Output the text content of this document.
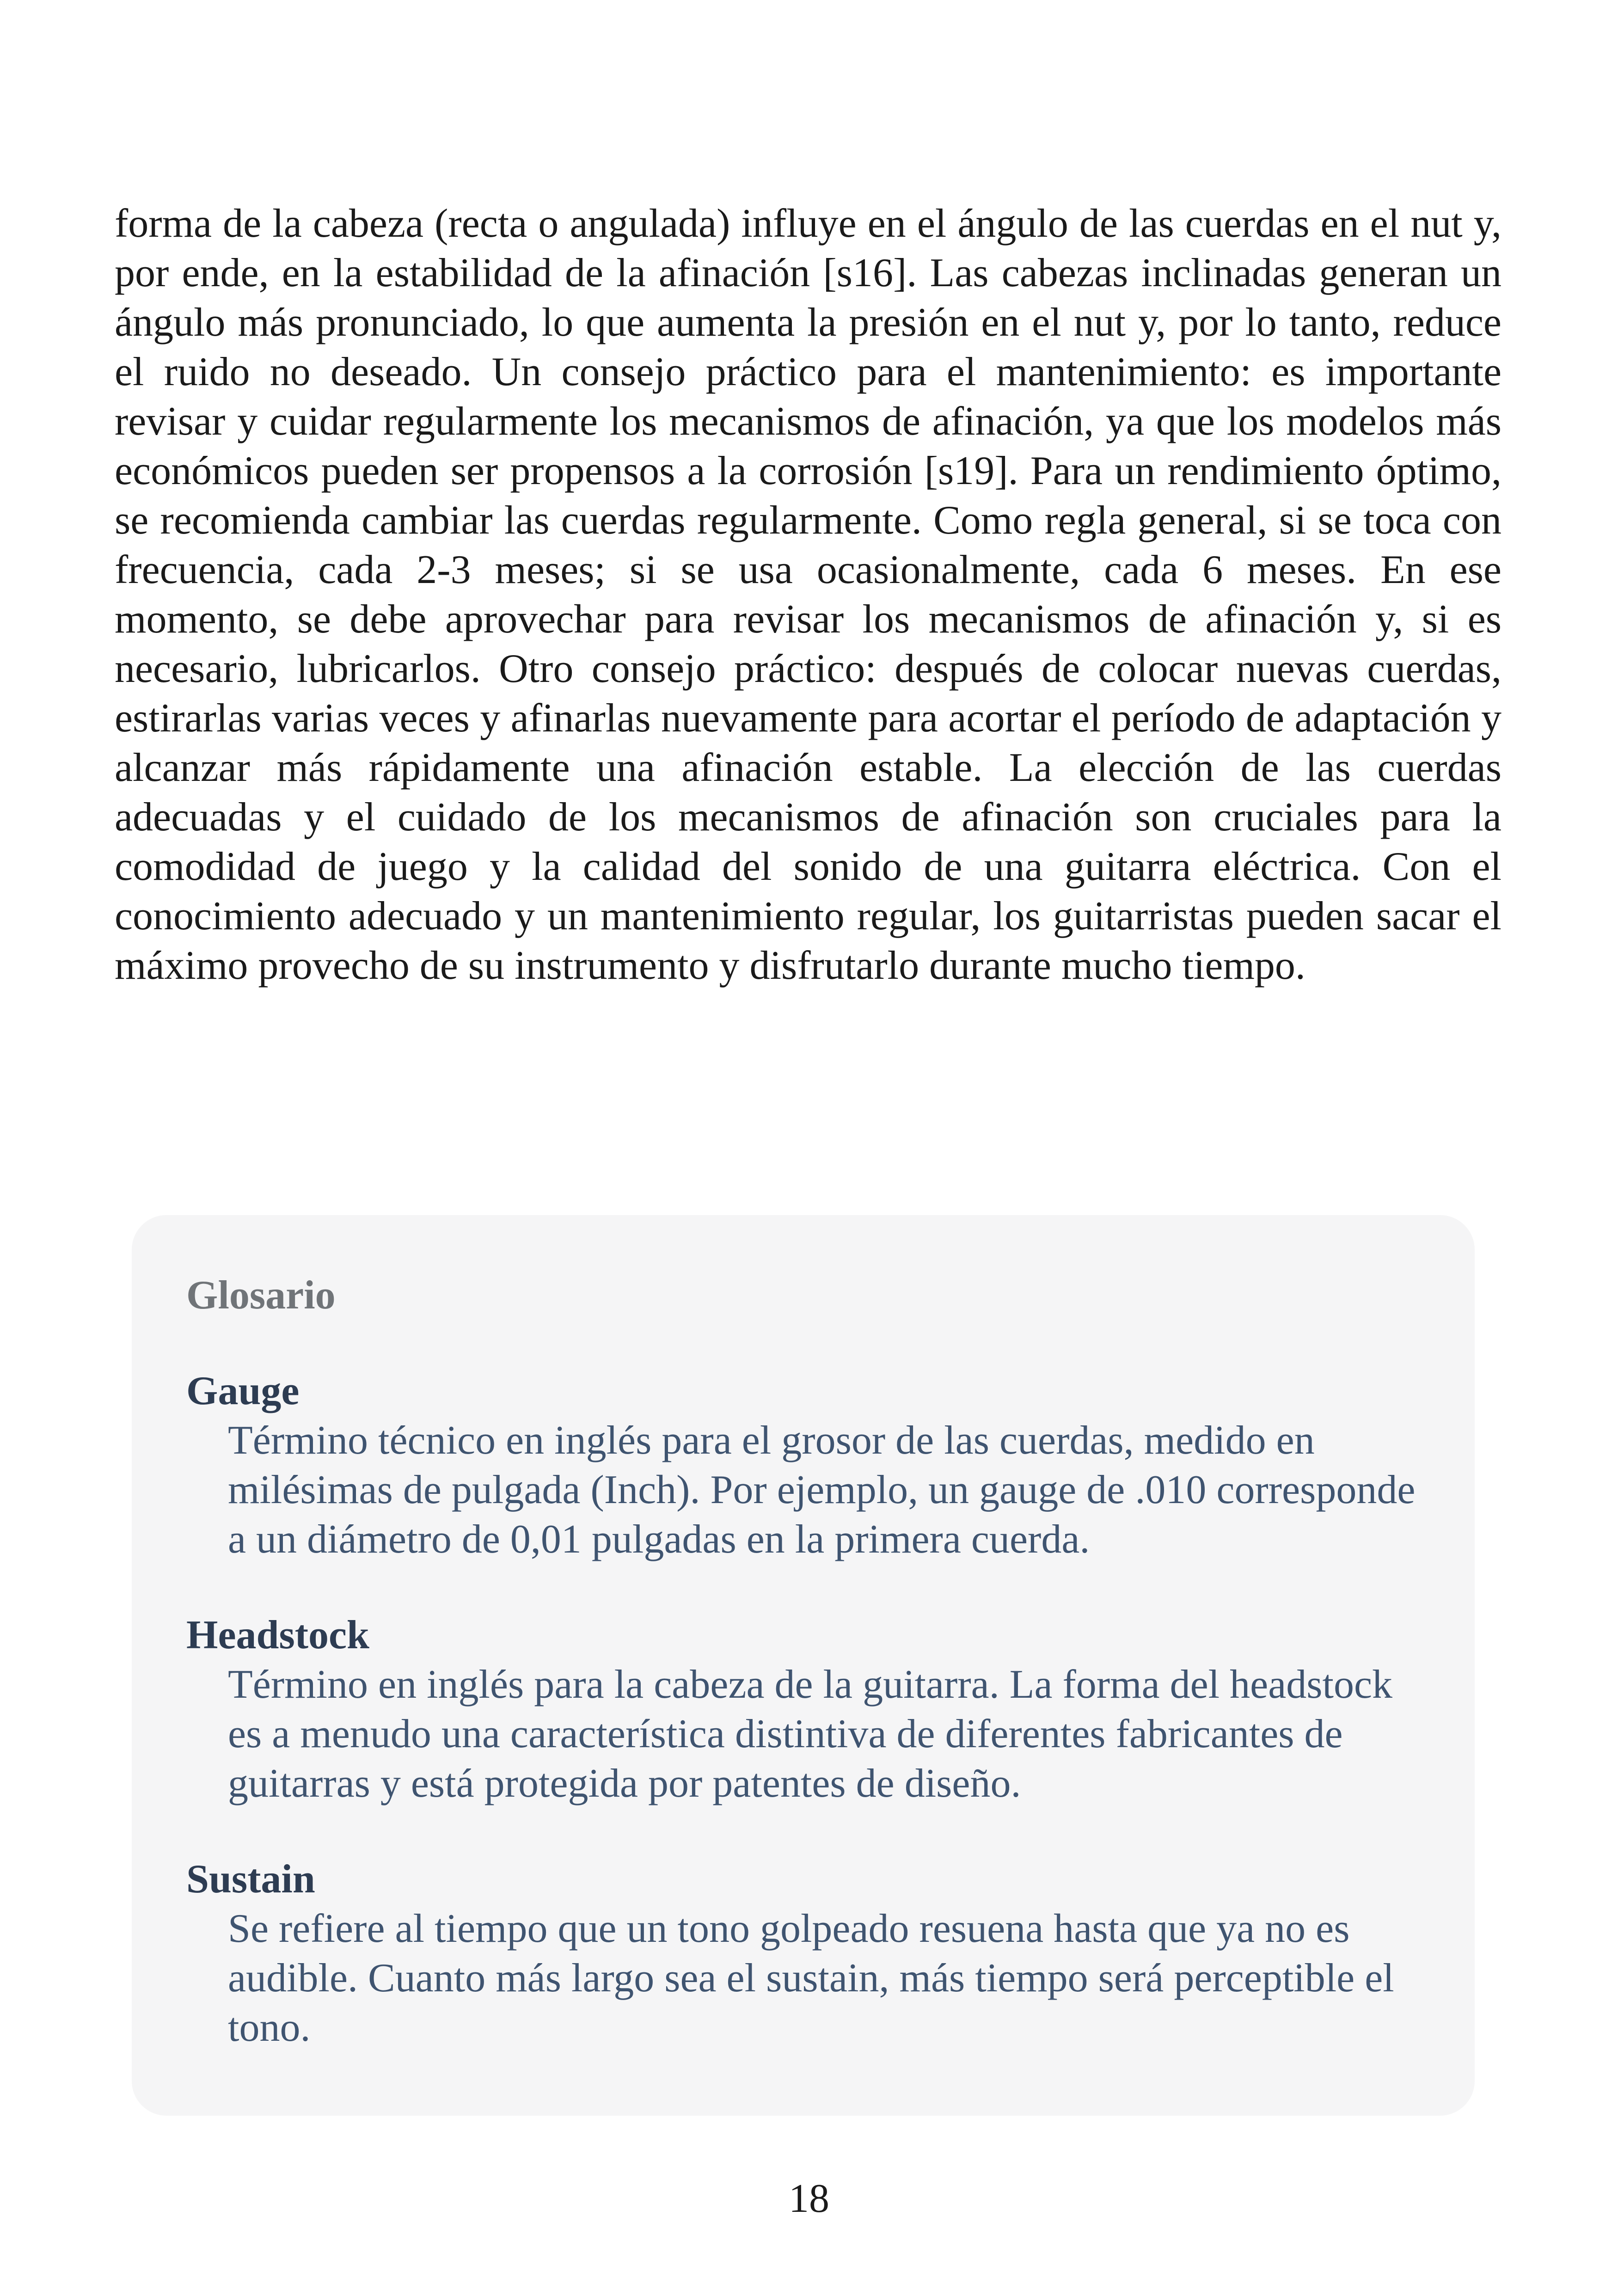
forma de la cabeza (recta o angulada) influye en el ángulo de las cuerdas en el nut y, por ende, en la estabilidad de la afinación [s16]. Las cabezas inclinadas generan un ángulo más pronunciado, lo que aumenta la presión en el nut y, por lo tanto, reduce el ruido no deseado. Un consejo práctico para el mantenimiento: es importante revisar y cuidar regularmente los mecanismos de afinación, ya que los modelos más económicos pueden ser propensos a la corrosión [s19]. Para un rendimiento óptimo, se recomienda cambiar las cuerdas regularmente. Como regla general, si se toca con frecuencia, cada 2-3 meses; si se usa ocasionalmente, cada 6 meses. En ese momento, se debe aprovechar para revisar los mecanismos de afinación y, si es necesario, lubricarlos. Otro consejo práctico: después de colocar nuevas cuerdas, estirarlas varias veces y afinarlas nuevamente para acortar el período de adaptación y alcanzar más rápidamente una afinación estable. La elección de las cuerdas adecuadas y el cuidado de los mecanismos de afinación son cruciales para la comodidad de juego y la calidad del sonido de una guitarra eléctrica. Con el conocimiento adecuado y un mantenimiento regular, los guitarristas pueden sacar el máximo provecho de su instrumento y disfrutarlo durante mucho tiempo.

Glosario

Gauge

Término técnico en inglés para el grosor de las cuerdas, medido en milésimas de pulgada (Inch). Por ejemplo, un gauge de .010 corresponde a un diámetro de 0,01 pulgadas en la primera cuerda.

Headstock

Término en inglés para la cabeza de la guitarra. La forma del headstock es a menudo una característica distintiva de diferentes fabricantes de guitarras y está protegida por patentes de diseño.

Sustain

Se refiere al tiempo que un tono golpeado resuena hasta que ya no es audible. Cuanto más largo sea el sustain, más tiempo será perceptible el tono.

18
